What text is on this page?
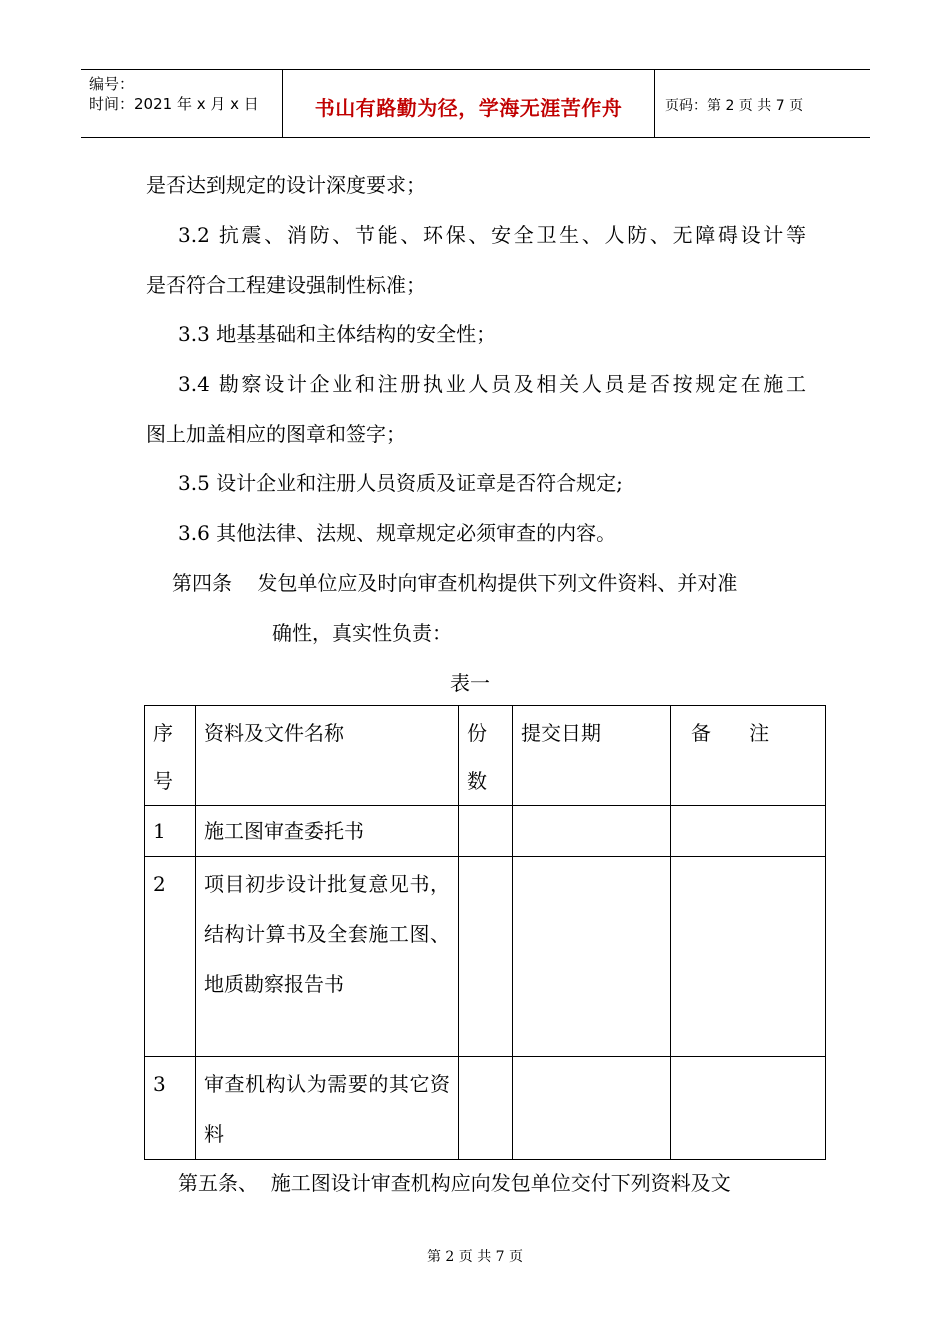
编号：
时间：2021 年 x 月 x 日	书山有路勤为径，学海无涯苦作舟	页码：第 2 页 共 7 页
是否达到规定的设计深度要求；
3.2 抗震、消防、节能、环保、安全卫生、人防、无障碍设计等
是否符合工程建设强制性标准；
3.3 地基基础和主体结构的安全性；
3.4 勘察设计企业和注册执业人员及相关人员是否按规定在施工
图上加盖相应的图章和签字；
3.5 设计企业和注册人员资质及证章是否符合规定;
3.6 其他法律、法规、规章规定必须审查的内容。
第四条    发包单位应及时向审查机构提供下列文件资料、并对准
确性，真实性负责：
表一
序号	资料及文件名称	份数	提交日期	备      注

1	施工图审查委托书			

2	项目初步设计批复意见书，结构计算书及全套施工图、地质勘察报告书			

3	审查机构认为需要的其它资料			

第五条、  施工图设计审查机构应向发包单位交付下列资料及文
第 2 页 共 7 页
